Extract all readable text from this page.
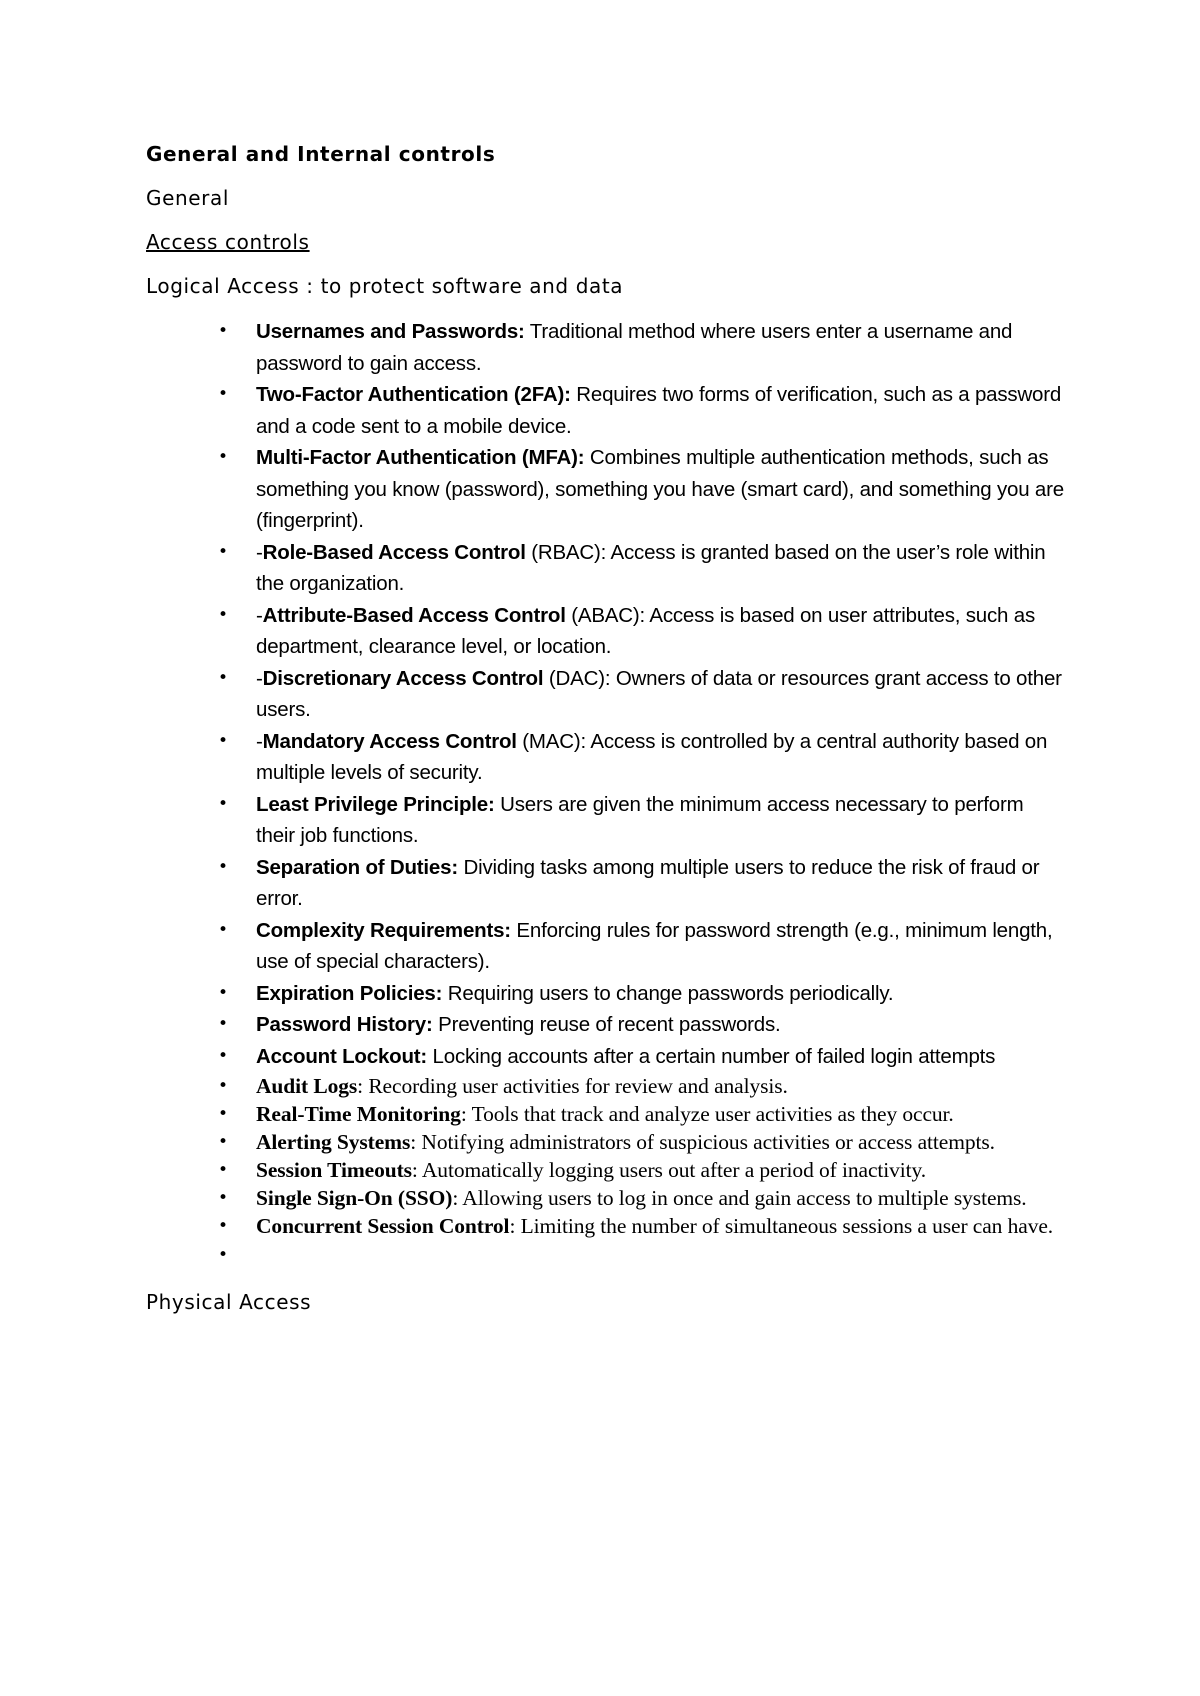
General and Internal controls
General
Access controls
Logical Access : to protect software and data
• Usernames and Passwords: Traditional method where users enter a username and password to gain access.
• Two-Factor Authentication (2FA): Requires two forms of verification, such as a password and a code sent to a mobile device.
• Multi-Factor Authentication (MFA): Combines multiple authentication methods, such as something you know (password), something you have (smart card), and something you are (fingerprint).
• -Role-Based Access Control (RBAC): Access is granted based on the user’s role within the organization.
• -Attribute-Based Access Control (ABAC): Access is based on user attributes, such as department, clearance level, or location.
• -Discretionary Access Control (DAC): Owners of data or resources grant access to other users.
• -Mandatory Access Control (MAC): Access is controlled by a central authority based on multiple levels of security.
• Least Privilege Principle: Users are given the minimum access necessary to perform their job functions.
• Separation of Duties: Dividing tasks among multiple users to reduce the risk of fraud or error.
• Complexity Requirements: Enforcing rules for password strength (e.g., minimum length, use of special characters).
• Expiration Policies: Requiring users to change passwords periodically.
• Password History: Preventing reuse of recent passwords.
• Account Lockout: Locking accounts after a certain number of failed login attempts
• Audit Logs: Recording user activities for review and analysis.
• Real-Time Monitoring: Tools that track and analyze user activities as they occur.
• Alerting Systems: Notifying administrators of suspicious activities or access attempts.
• Session Timeouts: Automatically logging users out after a period of inactivity.
• Single Sign-On (SSO): Allowing users to log in once and gain access to multiple systems.
• Concurrent Session Control: Limiting the number of simultaneous sessions a user can have.
•
Physical Access
